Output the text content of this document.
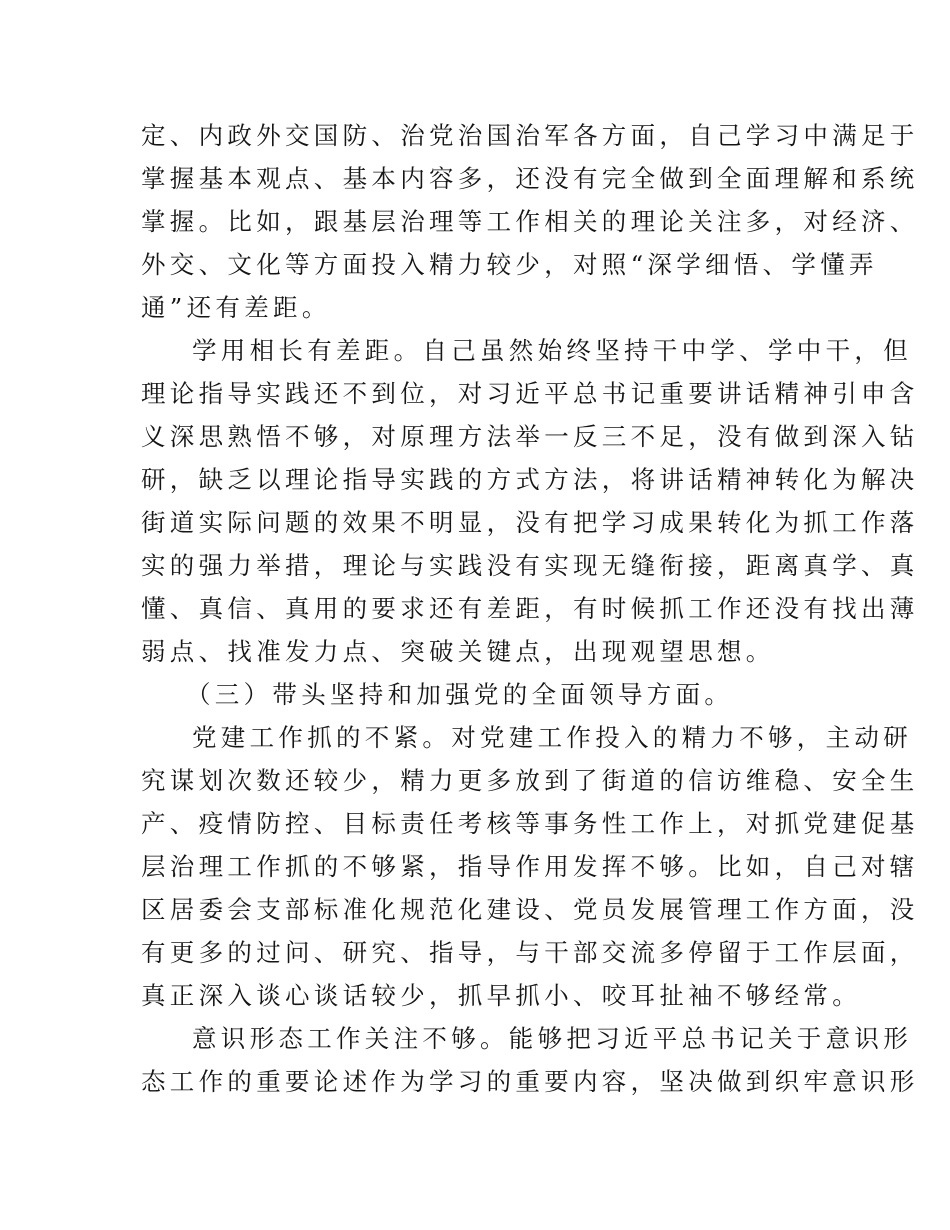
定、内政外交国防、治党治国治军各方面，自己学习中满足于
掌握基本观点、基本内容多，还没有完全做到全面理解和系统
掌握。比如，跟基层治理等工作相关的理论关注多，对经济、
外交、文化等方面投入精力较少，对照“深学细悟、学懂弄
通”还有差距。
学用相长有差距。自己虽然始终坚持干中学、学中干，但
理论指导实践还不到位，对习近平总书记重要讲话精神引申含
义深思熟悟不够，对原理方法举一反三不足，没有做到深入钻
研，缺乏以理论指导实践的方式方法，将讲话精神转化为解决
街道实际问题的效果不明显，没有把学习成果转化为抓工作落
实的强力举措，理论与实践没有实现无缝衔接，距离真学、真
懂、真信、真用的要求还有差距，有时候抓工作还没有找出薄
弱点、找准发力点、突破关键点，出现观望思想。
（三）带头坚持和加强党的全面领导方面。
党建工作抓的不紧。对党建工作投入的精力不够，主动研
究谋划次数还较少，精力更多放到了街道的信访维稳、安全生
产、疫情防控、目标责任考核等事务性工作上，对抓党建促基
层治理工作抓的不够紧，指导作用发挥不够。比如，自己对辖
区居委会支部标准化规范化建设、党员发展管理工作方面，没
有更多的过问、研究、指导，与干部交流多停留于工作层面，
真正深入谈心谈话较少，抓早抓小、咬耳扯袖不够经常。
意识形态工作关注不够。能够把习近平总书记关于意识形
态工作的重要论述作为学习的重要内容，坚决做到织牢意识形
